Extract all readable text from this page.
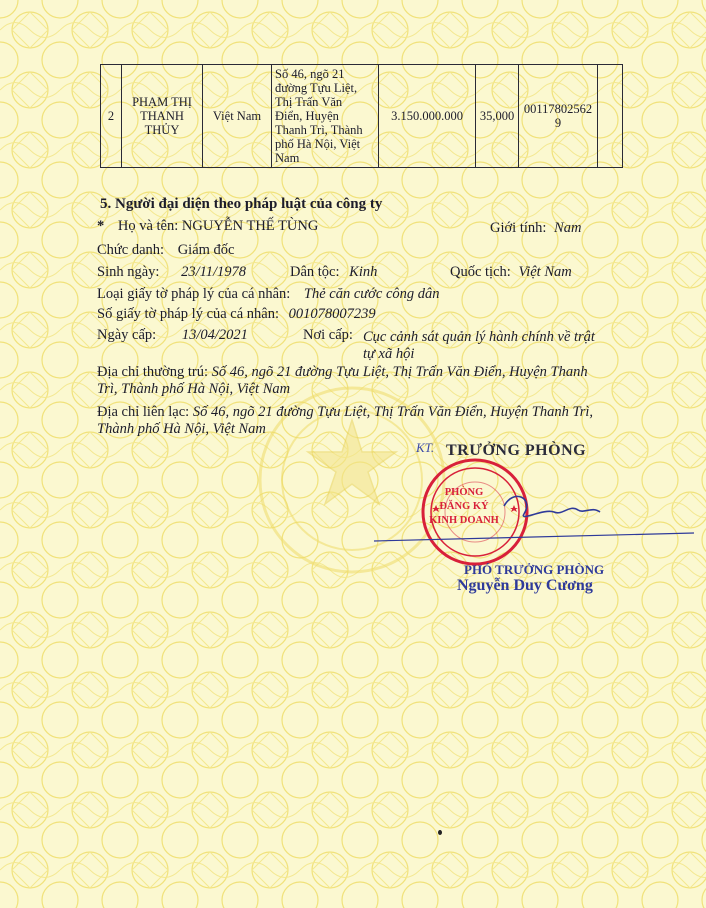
2	PHẠM THỊ THANH THỦY	Việt Nam	Số 46, ngõ 21
đường Tựu Liệt,
Thị Trấn Văn
Điển, Huyện
Thanh Trì, Thành
phố Hà Nội, Việt
Nam	3.150.000.000	35,000	00117802562
9	
5. Người đại diện theo pháp luật của công ty
* Họ và tên: NGUYỄN THẾ TÙNG	Giới tính: Nam
Chức danh: Giám đốc
Sinh ngày: 23/11/1978	Dân tộc: Kinh	Quốc tịch: Việt Nam
Loại giấy tờ pháp lý của cá nhân: Thẻ căn cước công dân
Số giấy tờ pháp lý của cá nhân: 001078007239
Ngày cấp: 13/04/2021	Nơi cấp: Cục cảnh sát quản lý hành chính về trật
tự xã hội
Địa chỉ thường trú: Số 46, ngõ 21 đường Tựu Liệt, Thị Trấn Văn Điển, Huyện Thanh
Trì, Thành phố Hà Nội, Việt Nam
Địa chỉ liên lạc: Số 46, ngõ 21 đường Tựu Liệt, Thị Trấn Văn Điển, Huyện Thanh Trì,
Thành phố Hà Nội, Việt Nam
KT. TRƯỞNG PHÒNG
PHÒNG
ĐĂNG KÝ
KINH DOANH
PHÓ TRƯỞNG PHÒNG
Nguyễn Duy Cương
